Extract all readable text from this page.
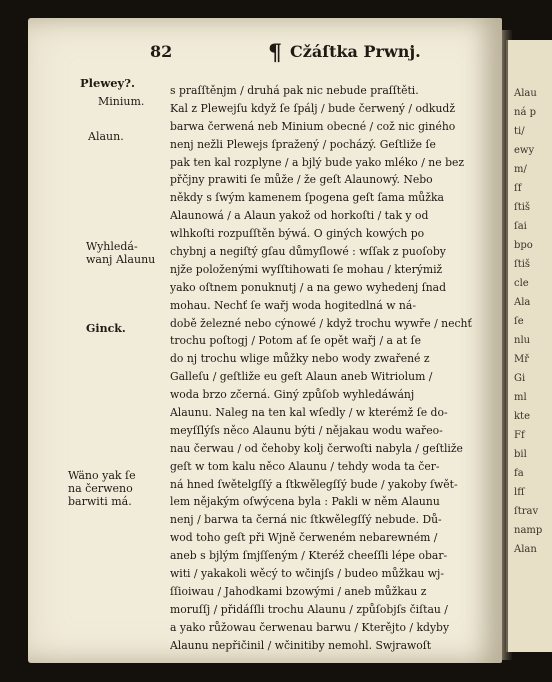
Alau
ná p
ti/
ewy
m/
ſf
ſtiš
ſai
bpo
ſtiš
cle
Ala
ſe
nlu
Mř
Gi
ml
kte
Ff
bil
fa
lfſ
ſtrav
namp
Alan
82	¶ Cžáſtka Prwnj.
Plewey?.
Minium.
Alaun.
Wyhledá-
wanj Alaunu
Ginck.
Wäno yak ſe
na čerweno
barwiti má.
s praſſtěnjm / druhá pak nic nebude praſſtěti.
Kal z Plewejſu když ſe ſpálj / bude čerwený / odkudž
barwa čerwená neb Minium obecné / což nic giného
nenj nežli Plewejs ſpražený / pocházý. Geſtliže ſe
pak ten kal rozplyne / a bjlý bude yako mléko / ne bez
přčjny prawiti ſe může / že geſt Alaunowý. Nebo
někdy s ſwým kamenem ſpogena geſt ſama můžka
Alaunowá / a Alaun yakož od horkoſti / tak y od
wlhkoſti rozpuſſtěn býwá. O giných kowých po
chybnj a negiſtý gſau důmyſlowé : wſſak z puoſoby
njže položenými wyſſtihowati ſe mohau / kterýmiž
yako oſtnem ponuknutj / a na gewo wyhedenj ſnad
mohau. Nechť ſe wařj woda hogitedlná w ná-
době železné nebo cýnowé / když trochu wywře / nechť
trochu poſtogj / Potom ať ſe opět wařj / a at ſe
do nj trochu wlige můžky nebo wody zwařené z
Galleſu / geſtliže eu geſt Alaun aneb Witriolum /
woda brzo zčerná. Giný způſob wyhledáwánj
Alaunu. Naleg na ten kal wſedly / w kterémž ſe do-
meyſſlýſs něco Alaunu býti / nějakau wodu wařeo-
nau čerwau / od čehoby kolj čerwoſti nabyla / geſtliže
geſt w tom kalu něco Alaunu / tehdy woda ta čer-
ná hned ſwětelgſſý a ſtkwělegſſý bude / yakoby ſwět-
lem nějakým oſwýcena byla : Pakli w něm Alaunu
nenj / barwa ta černá nic ſtkwělegſſý nebude. Dů-
wod toho geſt při Wjně čerweném nebarewném /
aneb s bjlým ſmjſſeným / Kteréž cheeſſli lépe obar-
witi / yakakoli wěcý to wčinjſs / budeo můžkau wj-
ſſioiwau / Jahodkami bzowými / aneb můžkau z
moruſſj / přidáſſli trochu Alaunu / způſobjſs čiſtau /
a yako růžowau čerwenau barwu / Kterějto / kdyby
Alaunu nepřičinil / wčinitiby nemohl. Swjrawoſt
